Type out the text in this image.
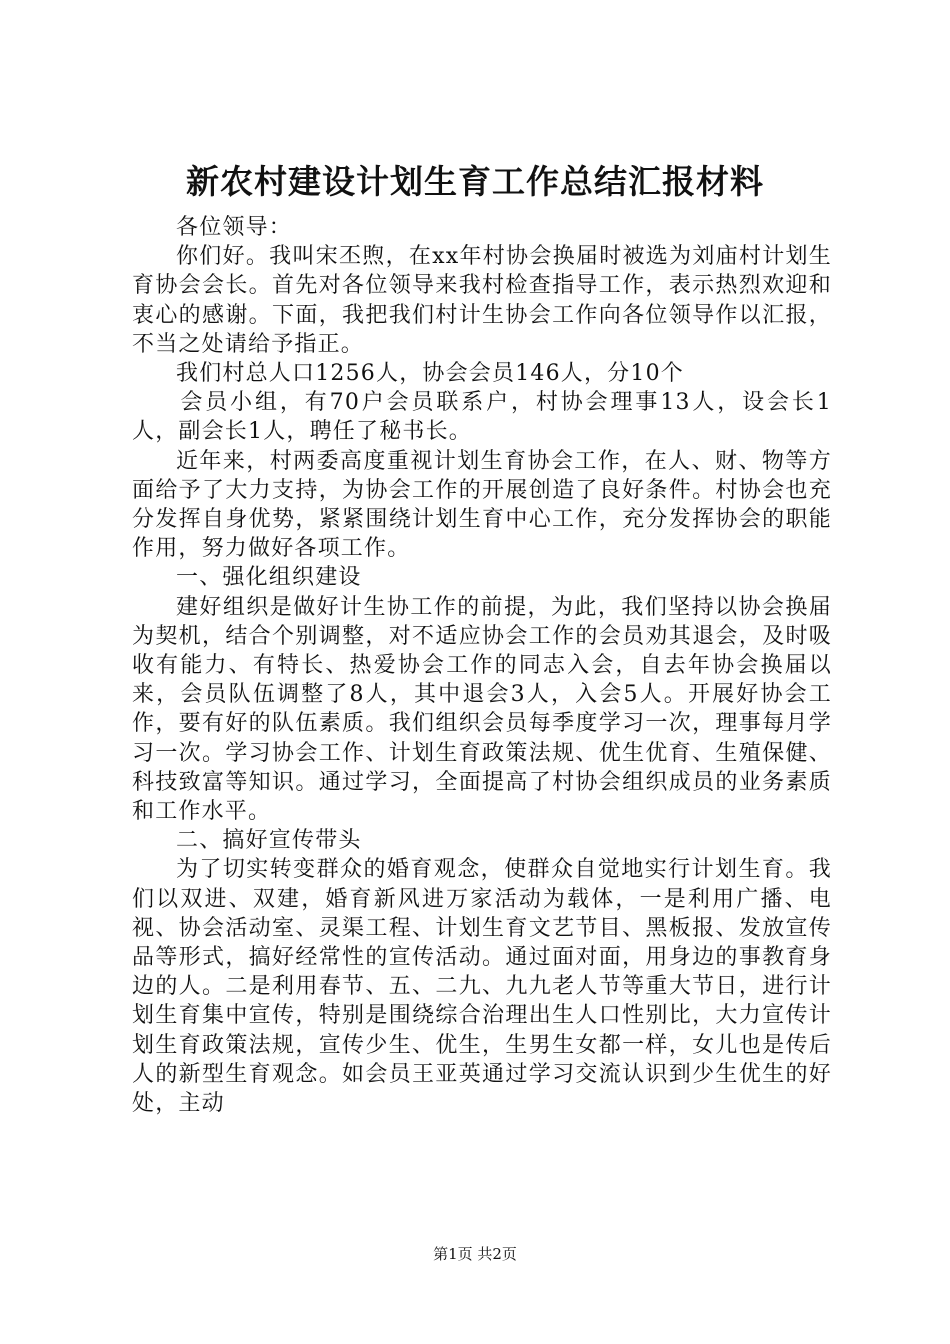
新农村建设计划生育工作总结汇报材料

各位领导：

你们好。我叫宋丕煦，在xx年村协会换届时被选为刘庙村计划生育协会会长。首先对各位领导来我村检查指导工作，表示热烈欢迎和衷心的感谢。下面，我把我们村计生协会工作向各位领导作以汇报，不当之处请给予指正。

我们村总人口1256人，协会会员146人，分10个

会员小组，有70户会员联系户，村协会理事13人，设会长1人，副会长1人，聘任了秘书长。

近年来，村两委高度重视计划生育协会工作，在人、财、物等方面给予了大力支持，为协会工作的开展创造了良好条件。村协会也充分发挥自身优势，紧紧围绕计划生育中心工作，充分发挥协会的职能作用，努力做好各项工作。

一、强化组织建设

建好组织是做好计生协工作的前提，为此，我们坚持以协会换届为契机，结合个别调整，对不适应协会工作的会员劝其退会，及时吸收有能力、有特长、热爱协会工作的同志入会，自去年协会换届以来，会员队伍调整了8人，其中退会3人，入会5人。开展好协会工作，要有好的队伍素质。我们组织会员每季度学习一次，理事每月学习一次。学习协会工作、计划生育政策法规、优生优育、生殖保健、科技致富等知识。通过学习，全面提高了村协会组织成员的业务素质和工作水平。

二、搞好宣传带头

为了切实转变群众的婚育观念，使群众自觉地实行计划生育。我们以双进、双建，婚育新风进万家活动为载体，一是利用广播、电视、协会活动室、灵渠工程、计划生育文艺节目、黑板报、发放宣传品等形式，搞好经常性的宣传活动。通过面对面，用身边的事教育身边的人。二是利用春节、五、二九、九九老人节等重大节日，进行计划生育集中宣传，特别是围绕综合治理出生人口性别比，大力宣传计划生育政策法规，宣传少生、优生，生男生女都一样，女儿也是传后人的新型生育观念。如会员王亚英通过学习交流认识到少生优生的好处，主动

第1页 共2页
